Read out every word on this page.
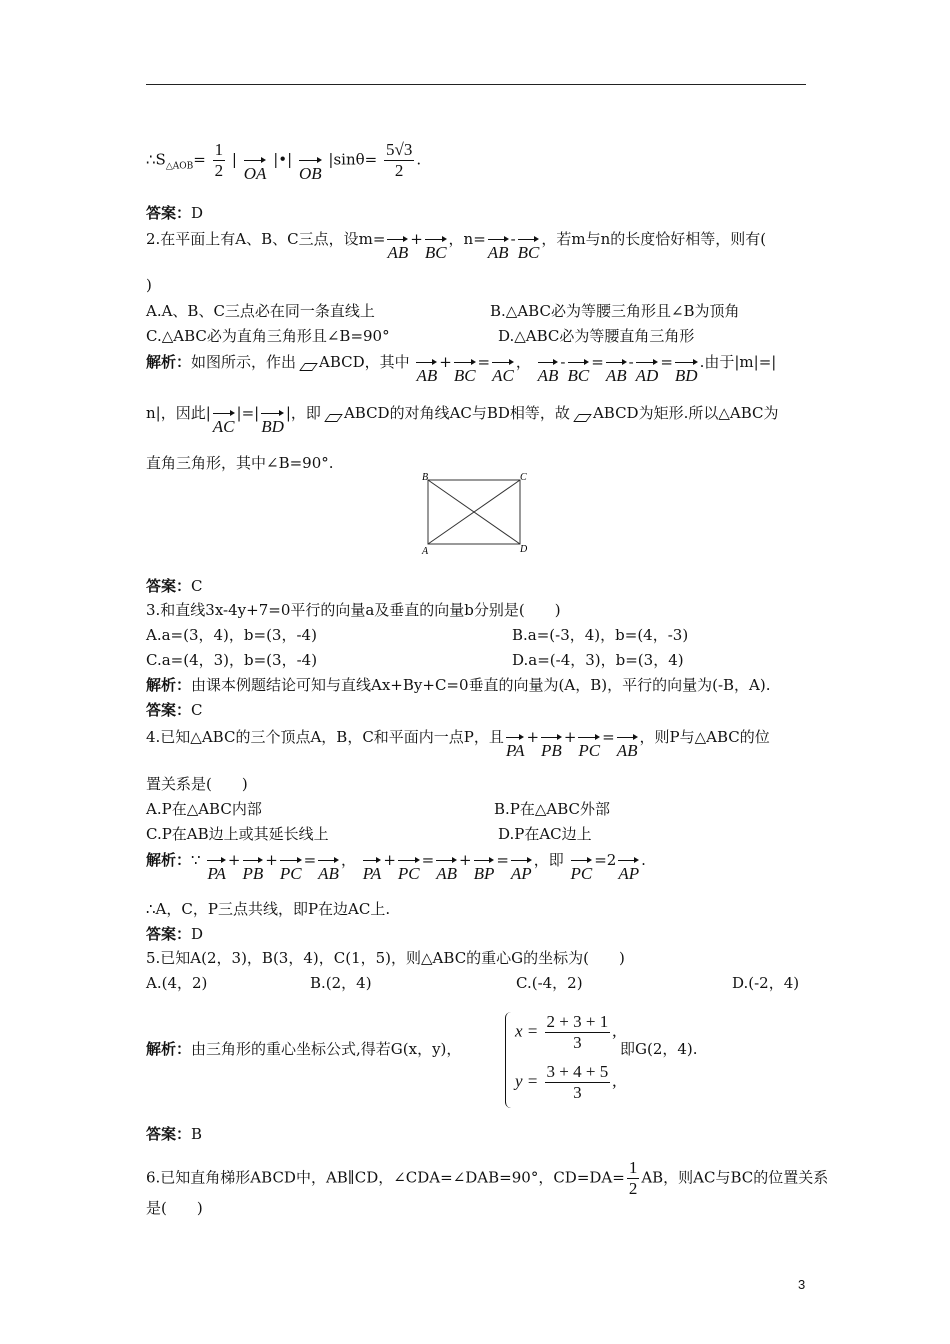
$\therefore S_{\triangle AOB}= \frac{1}{2}$ | OA |•| OB $|\sin\theta= \frac{5√3}{2}$ .
答案：D
2.在平面上有A、B、C三点，设m=AB+BC，n=AB-BC，若m与n的长度恰好相等，则有(
)
A.A、B、C三点必在同一条直线上	B.△ABC必为等腰三角形且∠B为顶角
C.△ABC必为直角三角形且∠B=90°	D.△ABC必为等腰直角三角形
解析：如图所示，作出 ABCD，其中 AB+BC=AC， AB-BC=AB-AD=BD.由于|m|=|
n|，因此|AC|=|BD|，即 ABCD的对角线AC与BD相等，故 ABCD为矩形.所以△ABC为
直角三角形，其中∠B=90°.
B	C
A	D
答案：C
3.和直线3x-4y+7=0平行的向量a及垂直的向量b分别是(　　)
A.a=(3，4)，b=(3，-4)	B.a=(-3，4)，b=(4，-3)
C.a=(4，3)，b=(3，-4)	D.a=(-4，3)，b=(3，4)
解析：由课本例题结论可知与直线Ax+By+C=0垂直的向量为(A，B)，平行的向量为(-B，A).
答案：C
4.已知△ABC的三个顶点A，B，C和平面内一点P，且PA+PB+PC=AB，则P与△ABC的位
置关系是(　　)
A.P在△ABC内部	B.P在△ABC外部
C.P在AB边上或其延长线上	D.P在AC边上
解析：∵ PA+PB+PC=AB， PA+PC=AB+BP=AP，即 PC=2AP.
∴A，C，P三点共线，即P在边AC上.
答案：D
5.已知A(2，3)，B(3，4)，C(1，5)，则△ABC的重心G的坐标为(　　)
A.(4，2)	B.(2，4)	C.(-4，2)	D.(-2，4)
解析：由三角形的重心坐标公式,得若G(x，y)，
$x = \frac{2 + 3 + 1}{3}$ ,
$y = \frac{3 + 4 + 5}{3}$ ,
即G(2，4).
答案：B
6.已知直角梯形ABCD中，AB∥CD，∠CDA=∠DAB=90°，$CD=DA= \frac{1}{2}$ AB，则AC与BC的位置关系
是(　　)
3
